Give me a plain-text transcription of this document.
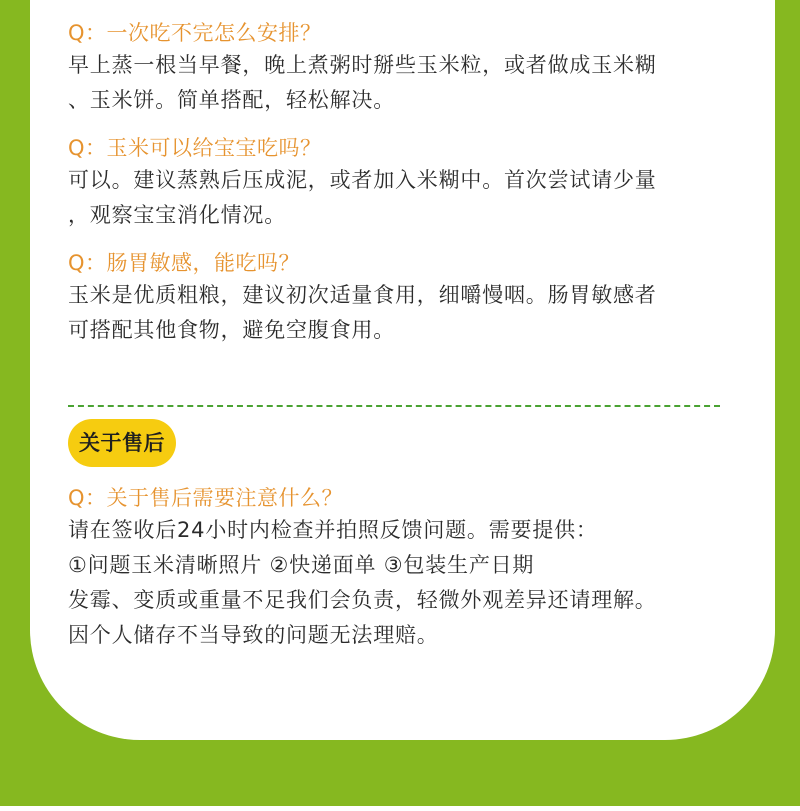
Q：一次吃不完怎么安排？
早上蒸一根当早餐，晚上煮粥时掰些玉米粒，或者做成玉米糊
、玉米饼。简单搭配，轻松解决。
Q：玉米可以给宝宝吃吗？
可以。建议蒸熟后压成泥，或者加入米糊中。首次尝试请少量
，观察宝宝消化情况。
Q：肠胃敏感，能吃吗？
玉米是优质粗粮，建议初次适量食用，细嚼慢咽。肠胃敏感者
可搭配其他食物，避免空腹食用。
Q：关于售后需要注意什么？
请在签收后24小时内检查并拍照反馈问题。需要提供：
①问题玉米清晰照片 ②快递面单 ③包装生产日期
发霉、变质或重量不足我们会负责，轻微外观差异还请理解。
因个人储存不当导致的问题无法理赔。
关于售后
